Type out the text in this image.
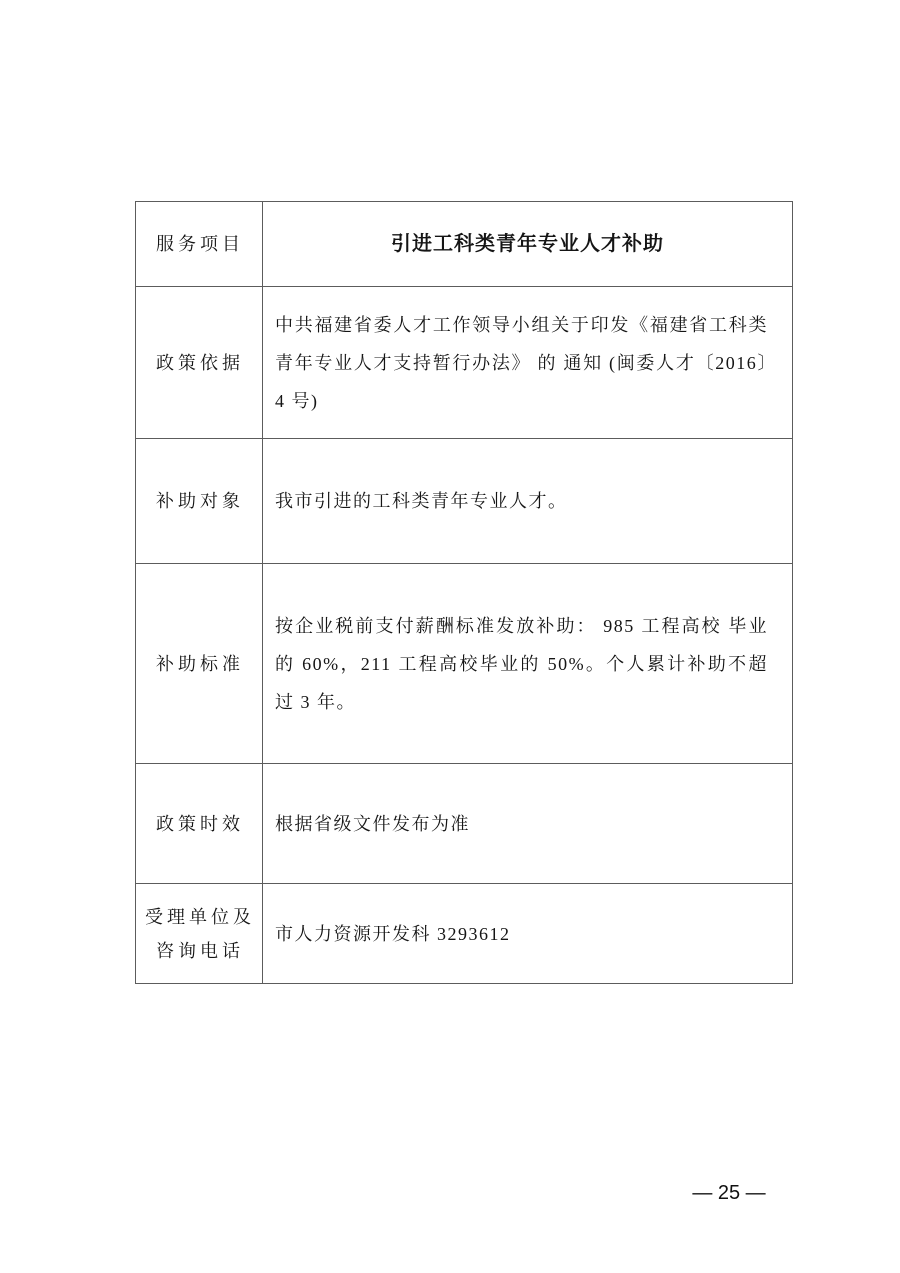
服务项目	引进工科类青年专业人才补助
政策依据
中共福建省委人才工作领导小组关于印发《福建省工科类青年专业人才支持暂行办法》 的 通知 (闽委人才〔2016〕4 号)
补助对象 我市引进的工科类青年专业人才。
补助标准
按企业税前支付薪酬标准发放补助： 985 工程高校 毕业的 60%，211 工程高校毕业的 50%。个人累计补助不超过 3 年。
政策时效 根据省级文件发布为准
受理单位及咨询电话
市人力资源开发科 3293612
— 25 —
